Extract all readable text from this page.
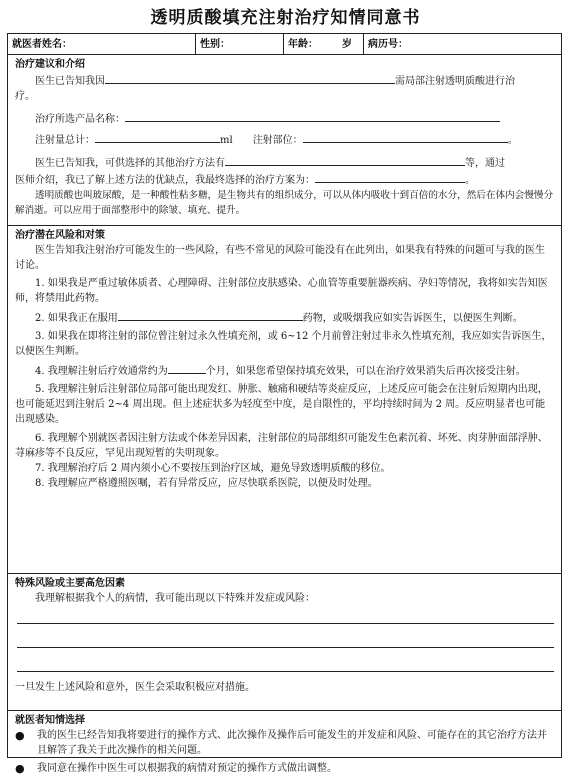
透明质酸填充注射治疗知情同意书
就医者姓名：	性别：	年龄： 岁	病历号：
治疗建议和介绍

医生已告知我因	需局部注射透明质酸进行治

疗。

治疗所选产品名称：

注射量总计：	ml 注射部位：	。

医生已告知我，可供选择的其他治疗方法有	等，通过

医师介绍，我已了解上述方法的优缺点，我最终选择的治疗方案为：	。

透明质酸也叫玻尿酸，是一种酸性粘多糖，是生物共有的组织成分，可以从体内吸收十到百倍的水分，然后在体内会慢慢分解消逝。可以应用于面部整形中的除皱、填充、提升。

治疗潜在风险和对策

医生告知我注射治疗可能发生的一些风险，有些不常见的风险可能没有在此列出，如果我有特殊的问题可与我的医生讨论。

1. 如果我是严重过敏体质者、心理障碍、注射部位皮肤感染、心血管等重要脏器疾病、孕妇等情况，我将如实告知医师，将禁用此药物。

2. 如果我正在服用	药物，或吸烟我应如实告诉医生，以便医生判断。

3. 如果我在即将注射的部位曾注射过永久性填充剂，或 6~12 个月前曾注射过非永久性填充剂，我应如实告诉医生，以便医生判断。

4. 我理解注射后疗效通常约为	个月，如果您希望保持填充效果，可以在治疗效果消失后再次接受注射。

5. 我理解注射后注射部位局部可能出现发红、肿胀、触痛和硬结等炎症反应，上述反应可能会在注射后短期内出现，也可能延迟到注射后 2~4 周出现。但上述症状多为轻度至中度，是自限性的，平均持续时间为 2 周。反应明显者也可能出现感染。

6. 我理解个别就医者因注射方法或个体差异因素，注射部位的局部组织可能发生色素沉着、坏死、肉芽肿面部浮肿、荨麻疹等不良反应，罕见出现短暂的失明现象。

7. 我理解治疗后 2 周内须小心不要按压到治疗区域，避免导致透明质酸的移位。

8. 我理解应严格遵照医嘱，若有异常反应，应尽快联系医院，以便及时处理。

特殊风险或主要高危因素

我理解根据我个人的病情，我可能出现以下特殊并发症或风险：

一旦发生上述风险和意外，医生会采取积极应对措施。

就医者知情选择
●	我的医生已经告知我将要进行的操作方式、此次操作及操作后可能发生的并发症和风险、可能存在的其它治疗方法并且解答了我关于此次操作的相关问题。
●	我同意在操作中医生可以根据我的病情对预定的操作方式做出调整。
